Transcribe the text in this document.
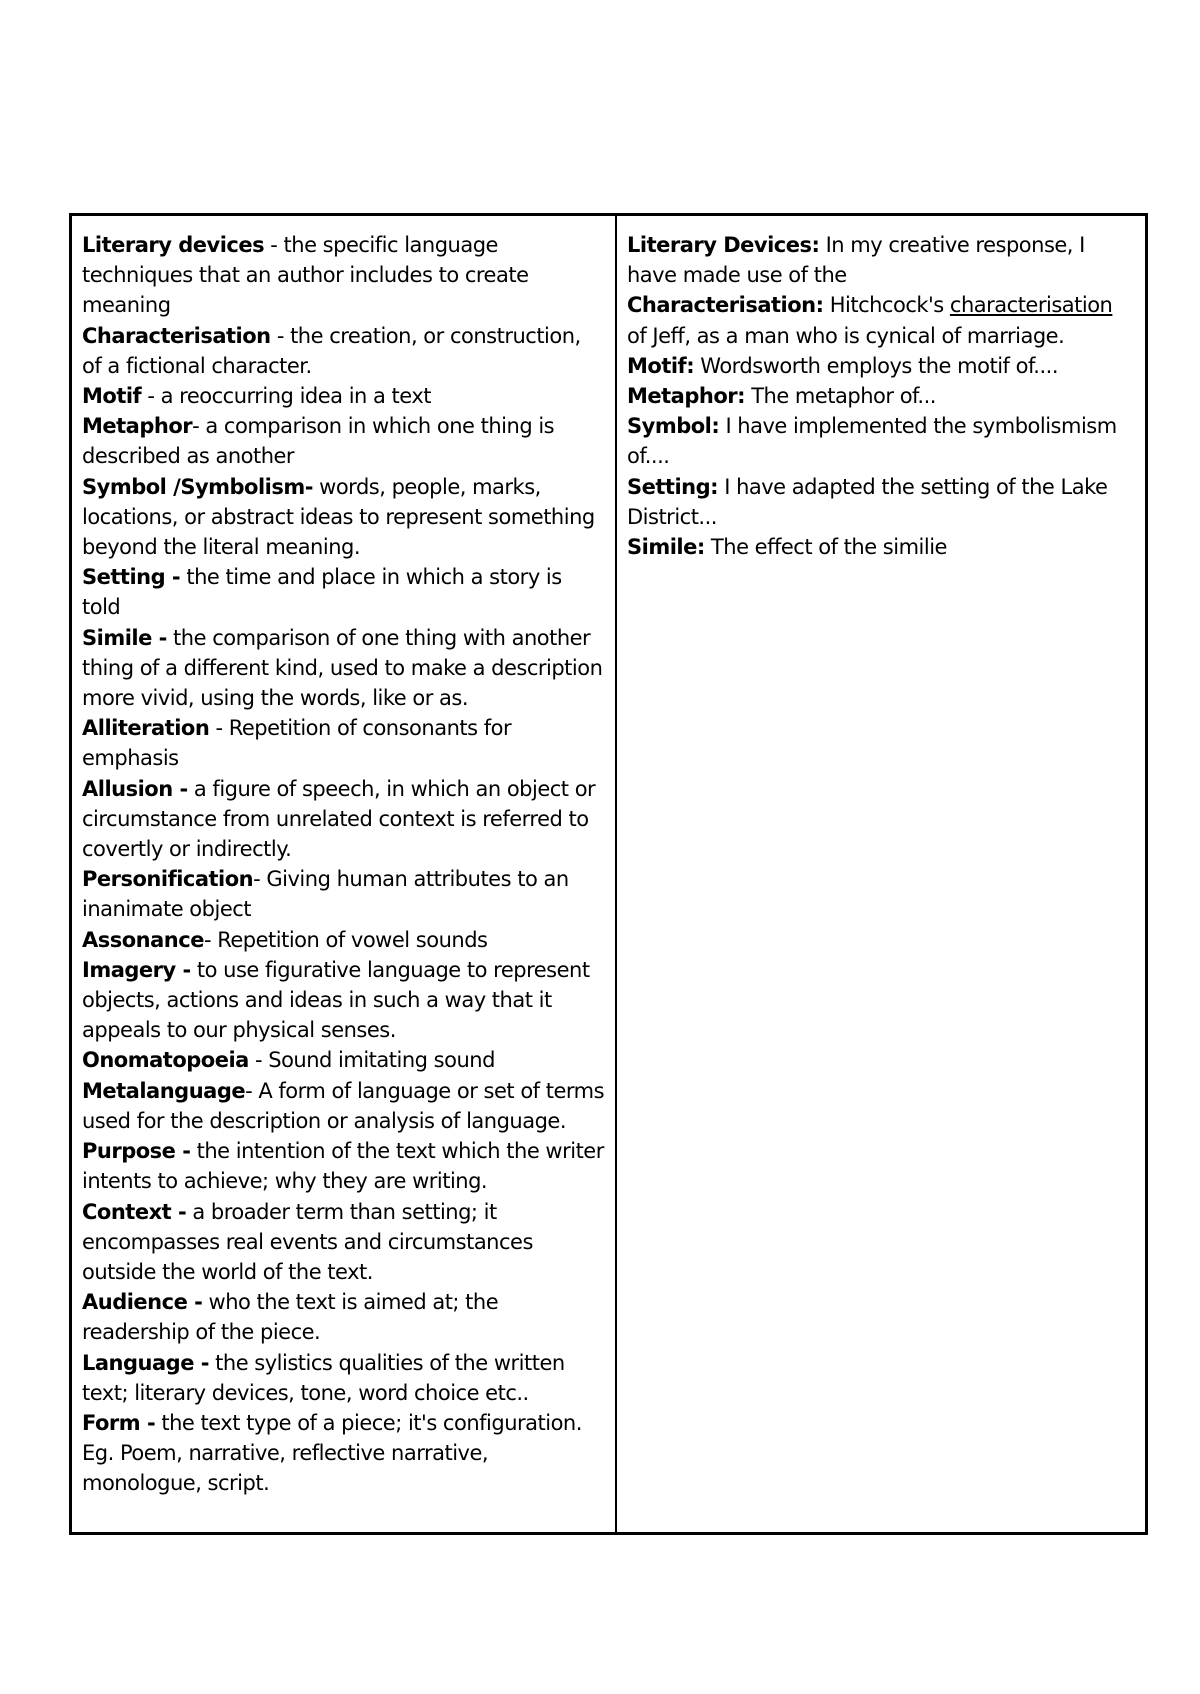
Literary devices - the specific language techniques that an author includes to create meaning

Characterisation - the creation, or construction, of a fictional character.

Motif - a reoccurring idea in a text

Metaphor- a comparison in which one thing is described as another

Symbol /Symbolism- words, people, marks, locations, or abstract ideas to represent something beyond the literal meaning.

Setting - the time and place in which a story is told

Simile - the comparison of one thing with another thing of a different kind, used to make a description more vivid, using the words, like or as.

Alliteration - Repetition of consonants for emphasis

Allusion - a figure of speech, in which an object or circumstance from unrelated context is referred to covertly or indirectly.

Personification- Giving human attributes to an inanimate object

Assonance- Repetition of vowel sounds

Imagery - to use figurative language to represent objects, actions and ideas in such a way that it appeals to our physical senses.

Onomatopoeia - Sound imitating sound

Metalanguage- A form of language or set of terms used for the description or analysis of language.

Purpose - the intention of the text which the writer intents to achieve; why they are writing.

Context - a broader term than setting; it encompasses real events and circumstances outside the world of the text.

Audience - who the text is aimed at; the readership of the piece.

Language - the sylistics qualities of the written text; literary devices, tone, word choice etc..

Form - the text type of a piece; it's configuration. Eg. Poem, narrative, reflective narrative, monologue, script.

Literary Devices: In my creative response, I have made use of the

Characterisation: Hitchcock's characterisation of Jeff, as a man who is cynical of marriage.

Motif: Wordsworth employs the motif of....

Metaphor: The metaphor of...

Symbol: I have implemented the symbolismism of....

Setting: I have adapted the setting of the Lake District...

Simile: The effect of the similie
